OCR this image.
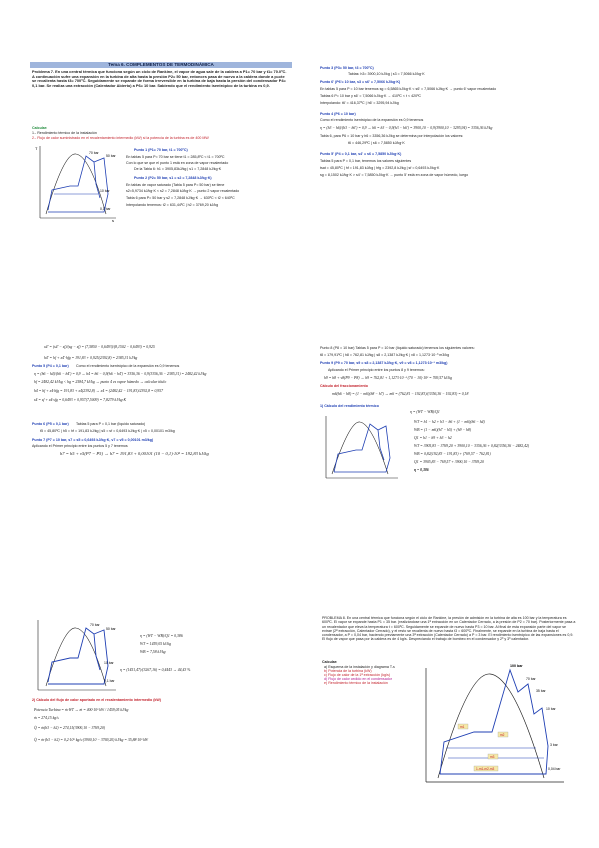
Tema 6. COMPLEMENTOS DE TERMODINÁMICA
Problema 7. En una central térmica que funciona según un ciclo de Rankine, el vapor de agua sale de la caldera a P1= 70 bar y t1= 70.0ºC. A continuación sufre una expansión en la turbina de alta hasta la presión P2= 50 bar, entonces pasa de nuevo a la caldera donde a p=cte se recalienta hasta t3= 700ºC. Seguidamente se expande de forma irreversible en la turbina de baja hasta la presión del condensador P4= 0,1 bar. Se realiza una extracción (Calentador Abierto) a P6= 10 bar. Sabiendo que el rendimiento isentrópico de la turbina es 0,9.
Calcular:
1.- Rendimiento térmico de la instalación
2.- Flujo de calor suministrado en el recalentamiento intermedio (kW) si la potencia de la turbina es de 400 MW
70 bar
50 bar
10 bar
0,1 bar
T
s
Punto 1 (P1= 70 bar, t1 = 700ºC)
En tablas 5 para P= 70 bar se tiene t1 = 285,8ºC < t1 = 700ºC
Con lo que se que el punto 1 está en zona de vapor recalentado
De la Tabla 6: h1 = 3905,83kJ/kg | s1 = 7,2848 kJ/kg·K
Punto 2 (P2= 50 bar, s1 = s2 = 7,2848 kJ/kg·K)
En tablas de vapor saturado (Tabla 5 para P= 50 bar) se tiene
s2=5,9734 kJ/kg·K < s2 = 7,2848 kJ/kg·K → punto 2 vapor recalentado
Tabla 6 para P= 50 bar y s2 = 7,2848 kJ/kg·K → 630ºC < t2 < 640ºC
Interpolando tenemos: t2 = 631,44ºC | h2 = 3769,20 kJ/kg
Punto 3 (P3= 50 bar, t3 = 700ºC)
Tablas: h3= 3900,10 kJ/kg | s3 = 7,5066 kJ/kg·K
Punto 6' (P6'= 10 bar, s3 = s6' = 7,5066 kJ/kg·K)
En tablas 5 para P = 10 bar tenemos sg = 6,5865 kJ/kg·K < s6' = 7,5066 kJ/kg·K → punto 6' vapor recalentado
Tablas 6 P= 10 bar y s6' = 7,5066 kJ/kg·K → 410ºC < t < 420ºC
Interpolando: t6' = 416,37ºC | h6' = 3295,94 kJ/kg
Punto 4 (P6 = 10 bar)
Como el rendimiento isentrópico de la expansión es 0,9 tenemos
η = (h3 − h6)/(h3 − h6') = 0,9 → h6 = h3 − 0,9(h3 − h6') = 3900,10 − 0,9(3900,10 − 3295,94) = 3356,36 kJ/kg
Tabla 6, para P6 = 10 bar y h6 = 3356,36 kJ/kg se determina por interpolación los valores:
t6 = 446,29ºC | s6 = 7,5850 kJ/kg·K
Punto 5' (P4 = 0,1 bar, s4' = s6 = 7,5850 kJ/kg·K)
Tablas 5 para P = 0,1 bar, tenemos los valores siguientes
tsat = 45,80ºC | hf = 191,83 kJ/kg | hfg = 2392,8 kJ/kg | sf = 0,6493 kJ/kg·K
sg = 8,1502 kJ/kg·K > s4' = 7,5850 kJ/kg·K → punto 5' está en zona de vapor húmedo, luego
x4' = (s4' − sf)/(sg − sf) = (7,5850 − 0,6493)/(8,1502 − 0,6493) = 0,925
h4' = hf + x4'·hfg = 191,83 + 0,925(2392,8) = 2385,31 kJ/kg
Punto 5 (P4 = 0,1 bar) Como el rendimiento isentrópico de la expansión es 0,9 tenemos
η = (h6 − h4)/(h6 − h4') = 0,9 → h4 = h6 − 0,9(h6 − h4') = 3356,36 − 0,9(3356,36 − 2385,31) = 2482,42 kJ/kg
hf = 2482,42 kJ/kg < hg = 2584,7 kJ/kg → punto 4 es vapor húmedo → calcular título
h4 = hf + x4·hfg = 191,83 + x4(2392,8) → x4 = (2482,42 − 191,83)/2392,8 = 0,957
s4 = sf + x4·sfg = 0,6493 + 0,957(7,5009) = 7,8279 kJ/kg·K
Punto 6 (P5 = 0,1 bar) Tablas 5 para P = 0,1 bar (líquido saturado)
t5 = 45,80ºC | h5 = hf = 191,83 kJ/kg | s5 = sf = 0,6493 kJ/kg·K | v5 = 0,00101 m3/kg
Punto 7 (P7 = 10 bar, s7 = s5 = 0,6493 kJ/kg·K, v7 = v5 = 0,00101 m3/kg)
Aplicando el Primer principio entre los puntos 5 y 7 tenemos
h7 = h5 + v5(P7 − P5) → h7 = 191,83 + 0,00101 (10 − 0,1)·10² = 192,83 kJ/kg
Punto 8 (P8 = 10 bar) Tablas 5 para P = 10 bar (líquido saturado) tenemos los siguientes valores:
t8 = 179,91ºC | h8 = 762,81 kJ/kg | s8 = 2,1387 kJ/kg·K | v8 = 1,1273·10⁻³ m3/kg
Punto 9 (P9 = 70 bar, s9 = s8 = 2,1387 kJ/kg·K, v9 = v8 = 1,1273·10⁻³ m3/kg)
Aplicando el Primer principio entre los puntos 8 y 9 tenemos:
h9 = h8 + v8(P9 − P8) → h9 = 762,81 + 1,1273·10⁻³ (70 − 10)·10² = 769,57 kJ/kg
Cálculo del fraccionamiento
m6(h6 − h8) = (1 − m6)(h8 − h7) → m6 = (762,81 − 192,83)/(3356,36 − 192,83) = 0,18
1) Cálculo del rendimiento térmico
η = (WT − WB)/Q1
WT = h1 − h2 + h3 − h6 + (1 − m6)(h6 − h4)
WB = (1 − m6)(h7 − h5) + (h9 − h8)
Q1 = h1 − h9 + h3 − h2
WT = 3905,83 − 3769,20 + 3900,10 − 3356,36 + 0,82(3356,36 − 2482,42)
WB = 0,82(192,83 − 191,83) + (769,57 − 762,81)
Q1 = 3905,83 − 769,57 + 3900,10 − 3769,20
η = 0,386
70 bar
50 bar
10 bar
0,1 bar
η = (WT − WB)/Q1 = 0,386
WT = 1459,05 kJ/kg
WB = 7,58 kJ/kg
η = (1451,47)/(3267,16) = 0,4443 → 44,43 %
2) Cálculo del flujo de calor aportado en el recalentamiento intermedio (kW)
Potencia Turbina = ṁ·WT → ṁ = 400·10³ kW / 1459,05 kJ/kg
ṁ = 274,15 kg/s
Q̇ = ṁ(h3 − h2) = 274,15(3900,10 − 3769,20)
Q̇ = ṁ·(h3 − h2) = 0,2·10⁵ kg/s·(3900,10 − 3769,20) kJ/kg = 35,88·10³ kW
PROBLEMA 8. En una central térmica que funciona según el ciclo de Rankine, la presión de admisión en la turbina de alta es 100 bar y la temperatura es 600ºC. El vapor se expande hasta P1 = 35 bar. (realizándose una 1ª extracción en un Calentador Cerrado, a la presión de P2 = 70 bar). Posteriormente pasa a un recalentador que eleva la temperatura t = 600ºC. Seguidamente se expande de nuevo hasta P3 = 10 bar. Al final de esta expansión parte del vapor se extrae (2ª extracción, Calentador Cerrado), y el resto se recalienta de nuevo hasta t3 = 600ºC. Finalmente, se expande en la turbina de baja hasta el condensador, a P = 0,04 bar, haciendo previamente una 3ª extracción (Calentador Cerrado) a P = 3 bar. El rendimiento isentrópico de las expansiones es 0,9. El flujo de vapor que pasa por la caldera es de 4 kg/s. Despreciando el trabajo de bombeo en el condensador y 2º y 3º calentador.
Calcular:
a) Esquema de la instalación y diagrama T-s
b) Potencia de la turbina (kW)
c) Flujo de calor de la 1ª extracción (kg/s)
d) Flujo de calor cedido en el condensador
e) Rendimiento térmico de la instalación
m1
m2
m3
1-m1-m2-m3
100 bar
70 bar
35 bar
10 bar
3 bar
0,04 bar
